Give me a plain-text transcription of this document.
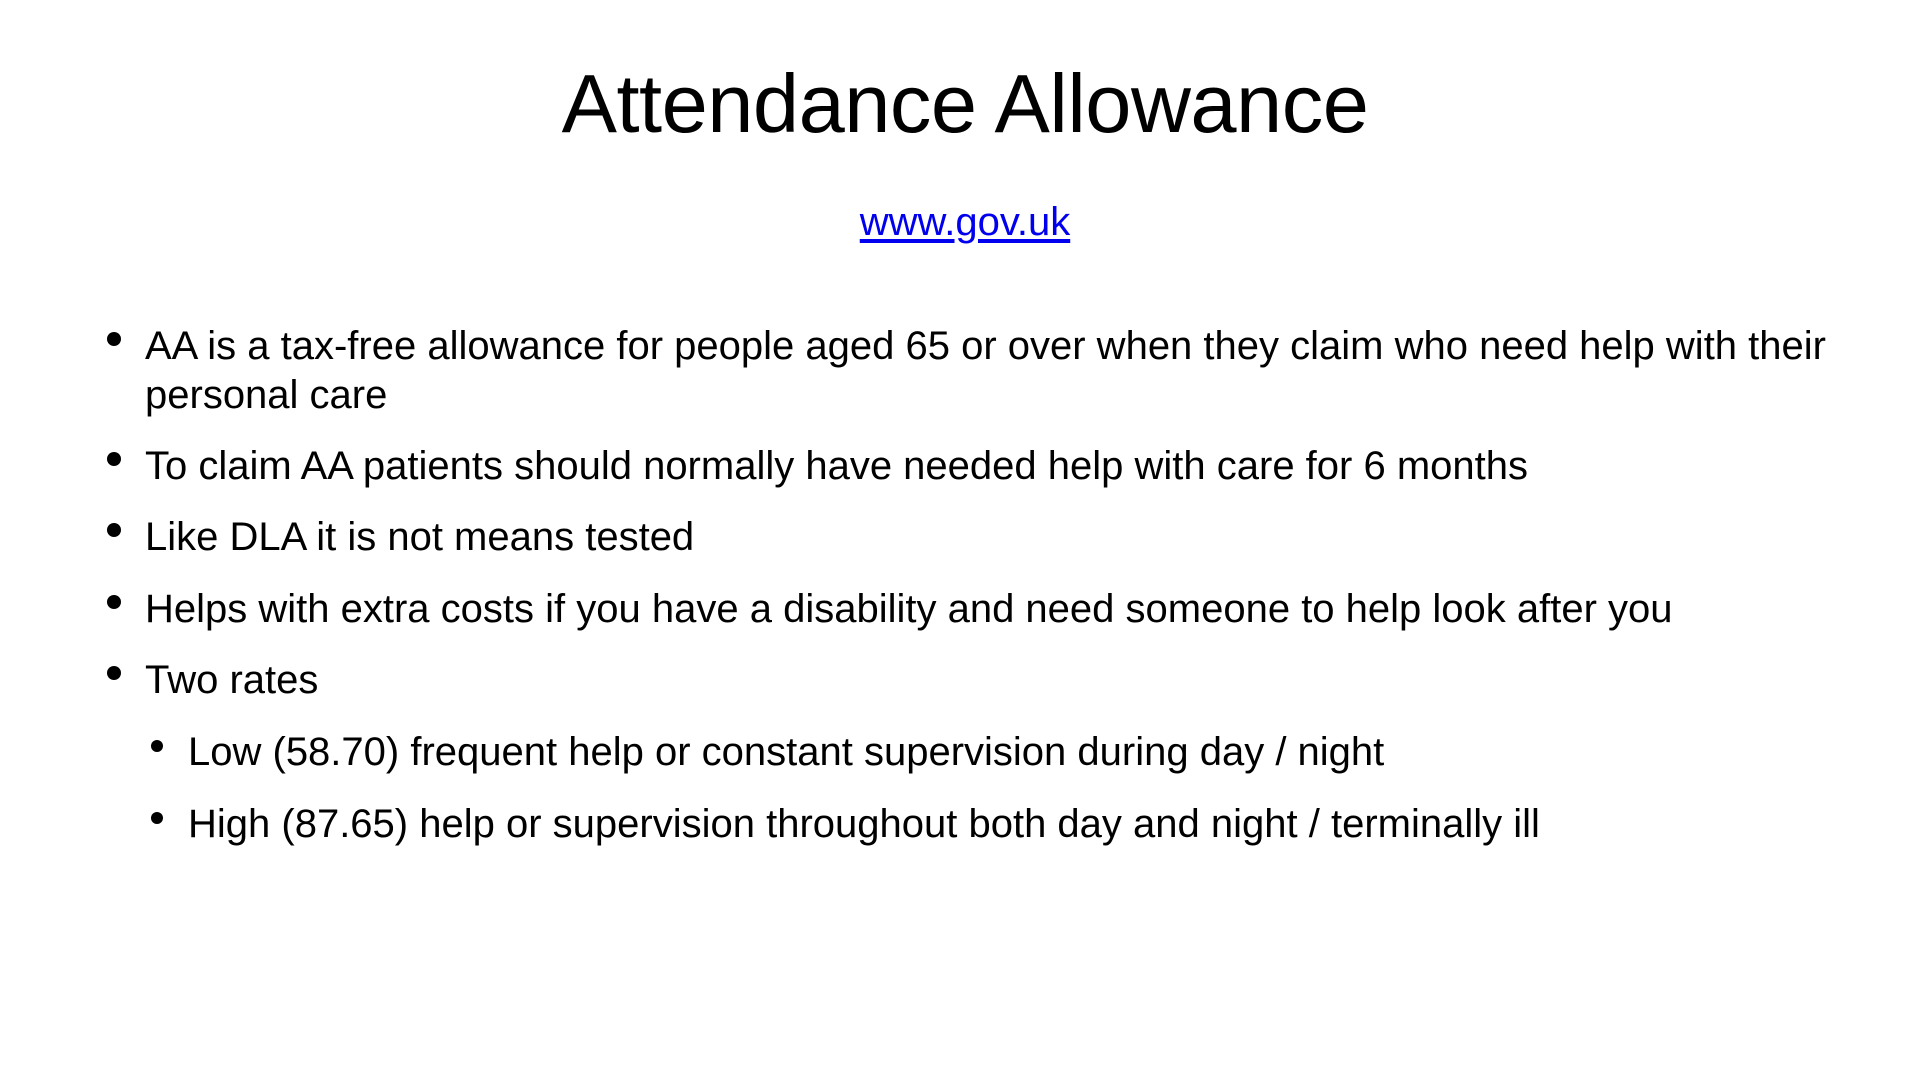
Attendance Allowance
www.gov.uk
AA is a tax-free allowance for people aged 65 or over when they claim who need help with their personal care
To claim AA patients should normally have needed help with care for 6 months
Like DLA it is not means tested
Helps with extra costs if you have a disability and need someone to help look after you
Two rates
Low (58.70) frequent help or constant supervision during day / night
High (87.65) help or supervision throughout both day and night / terminally ill
